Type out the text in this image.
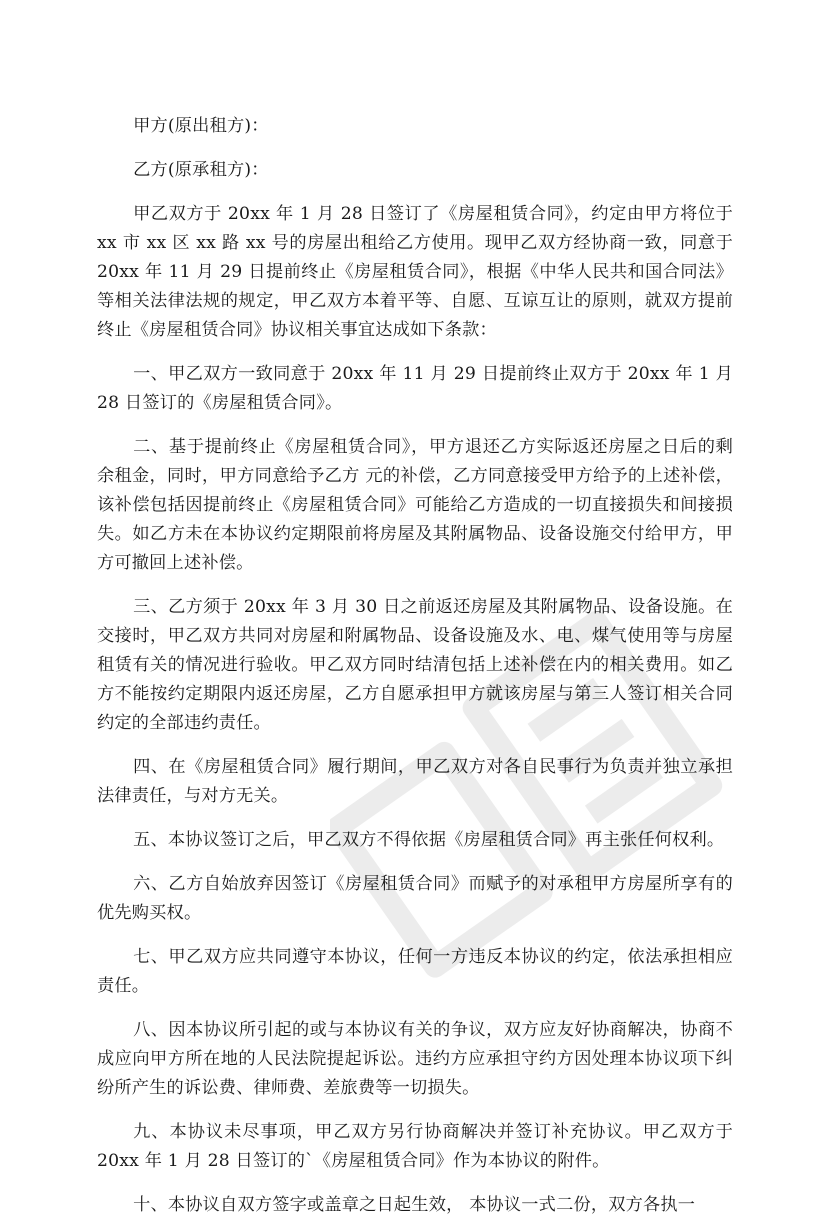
甲方(原出租方)：

乙方(原承租方)：

甲乙双方于 20xx 年 1 月 28 日签订了《房屋租赁合同》，约定由甲方将位于 xx 市 xx 区 xx 路 xx 号的房屋出租给乙方使用。现甲乙双方经协商一致，同意于 20xx 年 11 月 29 日提前终止《房屋租赁合同》，根据《中华人民共和国合同法》等相关法律法规的规定，甲乙双方本着平等、自愿、互谅互让的原则，就双方提前终止《房屋租赁合同》协议相关事宜达成如下条款：

一、甲乙双方一致同意于 20xx 年 11 月 29 日提前终止双方于 20xx 年 1 月 28 日签订的《房屋租赁合同》。

二、基于提前终止《房屋租赁合同》，甲方退还乙方实际返还房屋之日后的剩余租金，同时，甲方同意给予乙方 元的补偿，乙方同意接受甲方给予的上述补偿，该补偿包括因提前终止《房屋租赁合同》可能给乙方造成的一切直接损失和间接损失。如乙方未在本协议约定期限前将房屋及其附属物品、设备设施交付给甲方，甲方可撤回上述补偿。

三、乙方须于 20xx 年 3 月 30 日之前返还房屋及其附属物品、设备设施。在交接时，甲乙双方共同对房屋和附属物品、设备设施及水、电、煤气使用等与房屋租赁有关的情况进行验收。甲乙双方同时结清包括上述补偿在内的相关费用。如乙方不能按约定期限内返还房屋，乙方自愿承担甲方就该房屋与第三人签订相关合同约定的全部违约责任。

四、在《房屋租赁合同》履行期间，甲乙双方对各自民事行为负责并独立承担法律责任，与对方无关。

五、本协议签订之后，甲乙双方不得依据《房屋租赁合同》再主张任何权利。

六、乙方自始放弃因签订《房屋租赁合同》而赋予的对承租甲方房屋所享有的优先购买权。

七、甲乙双方应共同遵守本协议，任何一方违反本协议的约定，依法承担相应责任。

八、因本协议所引起的或与本协议有关的争议，双方应友好协商解决，协商不成应向甲方所在地的人民法院提起诉讼。违约方应承担守约方因处理本协议项下纠纷所产生的诉讼费、律师费、差旅费等一切损失。

九、本协议未尽事项，甲乙双方另行协商解决并签订补充协议。甲乙双方于 20xx 年 1 月 28 日签订的`《房屋租赁合同》作为本协议的附件。

十、本协议自双方签字或盖章之日起生效， 本协议一式二份，双方各执一
